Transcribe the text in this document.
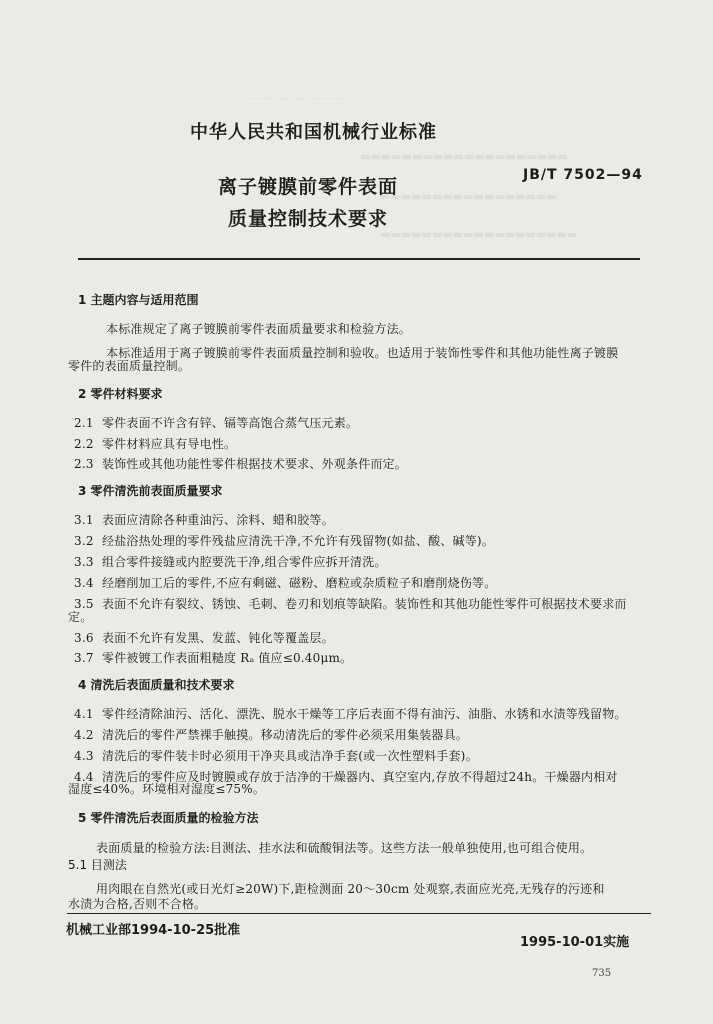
— — — — — — —
▬▬▬▬▬▬▬▬▬▬▬▬▬▬▬▬▬▬▬▬
▬▬▬▬▬▬▬▬▬▬▬▬▬▬▬▬▬
▬▬▬▬▬▬▬▬▬▬▬▬▬▬▬▬▬▬▬
中华人民共和国机械行业标准
JB/T 7502—94
离子镀膜前零件表面
质量控制技术要求
1 主题内容与适用范围
本标准规定了离子镀膜前零件表面质量要求和检验方法。
本标准适用于离子镀膜前零件表面质量控制和验收。也适用于装饰性零件和其他功能性离子镀膜
零件的表面质量控制。
2 零件材料要求
2.1 零件表面不许含有锌、镉等高饱合蒸气压元素。
2.2 零件材料应具有导电性。
2.3 装饰性或其他功能性零件根据技术要求、外观条件而定。
3 零件清洗前表面质量要求
3.1 表面应清除各种重油污、涂料、蜡和胶等。
3.2 经盐浴热处理的零件残盐应清洗干净,不允许有残留物(如盐、酸、碱等)。
3.3 组合零件接缝或内腔要洗干净,组合零件应拆开清洗。
3.4 经磨削加工后的零件,不应有剩磁、磁粉、磨粒或杂质粒子和磨削烧伤等。
3.5 表面不允许有裂纹、锈蚀、毛刺、卷刃和划痕等缺陷。装饰性和其他功能性零件可根据技术要求而
定。
3.6 表面不允许有发黑、发蓝、钝化等覆盖层。
3.7 零件被镀工作表面粗糙度 Rₐ 值应≤0.40μm。
4 清洗后表面质量和技术要求
4.1 零件经清除油污、活化、漂洗、脱水干燥等工序后表面不得有油污、油脂、水锈和水渍等残留物。
4.2 清洗后的零件严禁裸手触摸。移动清洗后的零件必须采用集装器具。
4.3 清洗后的零件装卡时必须用干净夹具或洁净手套(或一次性塑料手套)。
4.4 清洗后的零件应及时镀膜或存放于洁净的干燥器内、真空室内,存放不得超过24h。干燥器内相对
湿度≤40%。环境相对湿度≤75%。
5 零件清洗后表面质量的检验方法
表面质量的检验方法:目测法、挂水法和硫酸铜法等。这些方法一般单独使用,也可组合使用。
5.1 目测法
用肉眼在自然光(或日光灯≥20W)下,距检测面 20～30cm 处观察,表面应光亮,无残存的污迹和
水渍为合格,否则不合格。
机械工业部1994-10-25批准
1995-10-01实施
735
